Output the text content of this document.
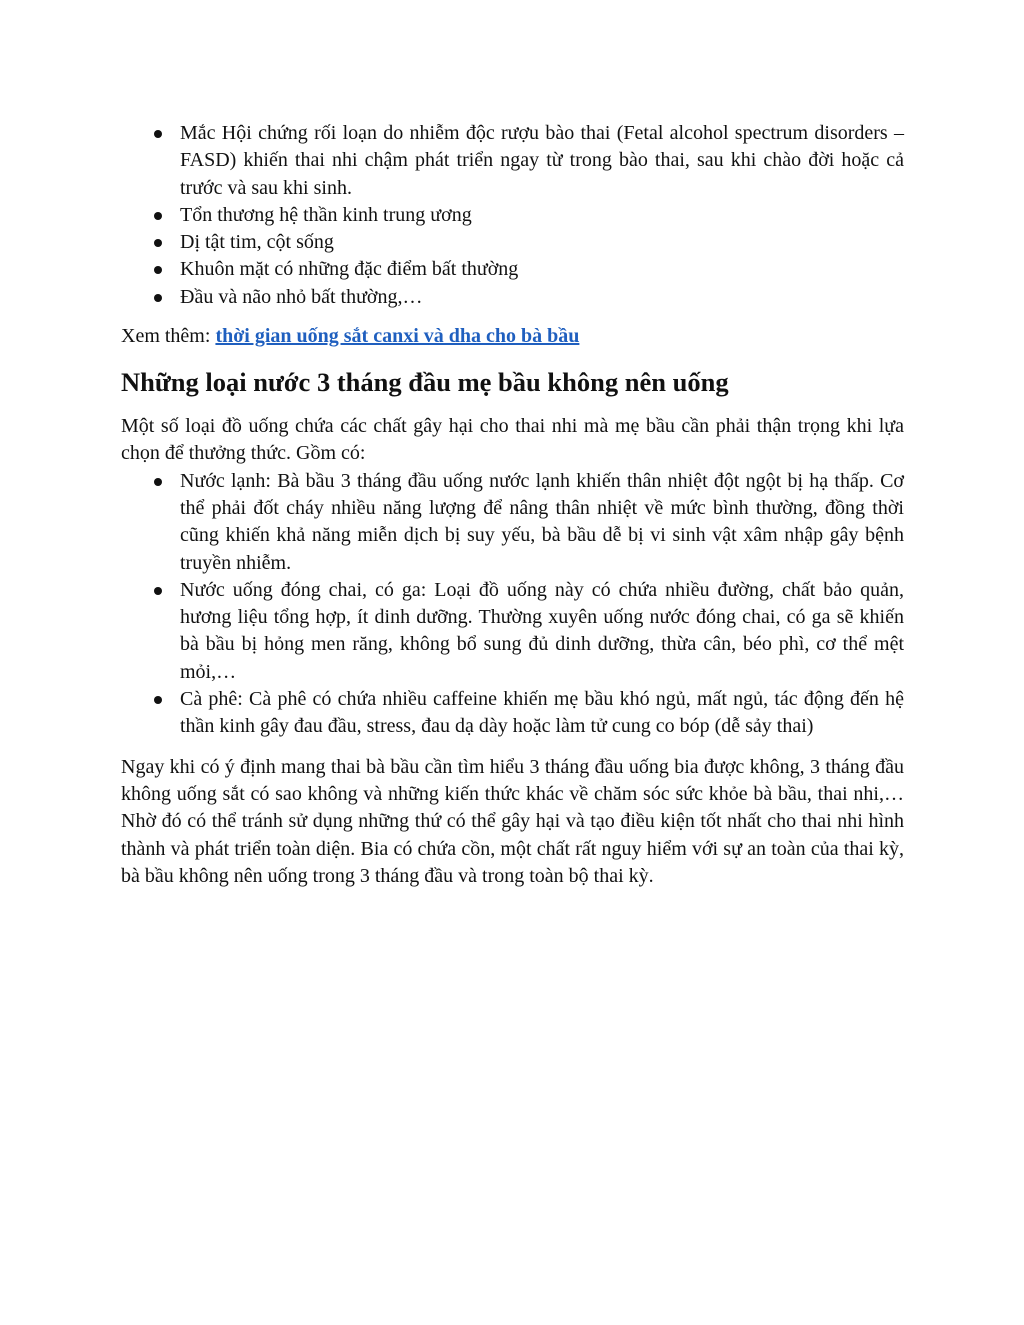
Mắc Hội chứng rối loạn do nhiễm độc rượu bào thai (Fetal alcohol spectrum disorders – FASD) khiến thai nhi chậm phát triển ngay từ trong bào thai, sau khi chào đời hoặc cả trước và sau khi sinh.
Tổn thương hệ thần kinh trung ương
Dị tật tim, cột sống
Khuôn mặt có những đặc điểm bất thường
Đầu và não nhỏ bất thường,…
Xem thêm: thời gian uống sắt canxi và dha cho bà bầu
Những loại nước 3 tháng đầu mẹ bầu không nên uống

Một số loại đồ uống chứa các chất gây hại cho thai nhi mà mẹ bầu cần phải thận trọng khi lựa chọn để thưởng thức. Gồm có:

Nước lạnh: Bà bầu 3 tháng đầu uống nước lạnh khiến thân nhiệt đột ngột bị hạ thấp. Cơ thể phải đốt cháy nhiều năng lượng để nâng thân nhiệt về mức bình thường, đồng thời cũng khiến khả năng miễn dịch bị suy yếu, bà bầu dễ bị vi sinh vật xâm nhập gây bệnh truyền nhiễm.
Nước uống đóng chai, có ga: Loại đồ uống này có chứa nhiều đường, chất bảo quản, hương liệu tổng hợp, ít dinh dưỡng. Thường xuyên uống nước đóng chai, có ga sẽ khiến bà bầu bị hỏng men răng, không bổ sung đủ dinh dưỡng, thừa cân, béo phì, cơ thể mệt mỏi,…
Cà phê: Cà phê có chứa nhiều caffeine khiến mẹ bầu khó ngủ, mất ngủ, tác động đến hệ thần kinh gây đau đầu, stress, đau dạ dày hoặc làm tử cung co bóp (dễ sảy thai)

Ngay khi có ý định mang thai bà bầu cần tìm hiểu 3 tháng đầu uống bia được không, 3 tháng đầu không uống sắt có sao không và những kiến thức khác về chăm sóc sức khỏe bà bầu, thai nhi,… Nhờ đó có thể tránh sử dụng những thứ có thể gây hại và tạo điều kiện tốt nhất cho thai nhi hình thành và phát triển toàn diện. Bia có chứa cồn, một chất rất nguy hiểm với sự an toàn của thai kỳ, bà bầu không nên uống trong 3 tháng đầu và trong toàn bộ thai kỳ.
